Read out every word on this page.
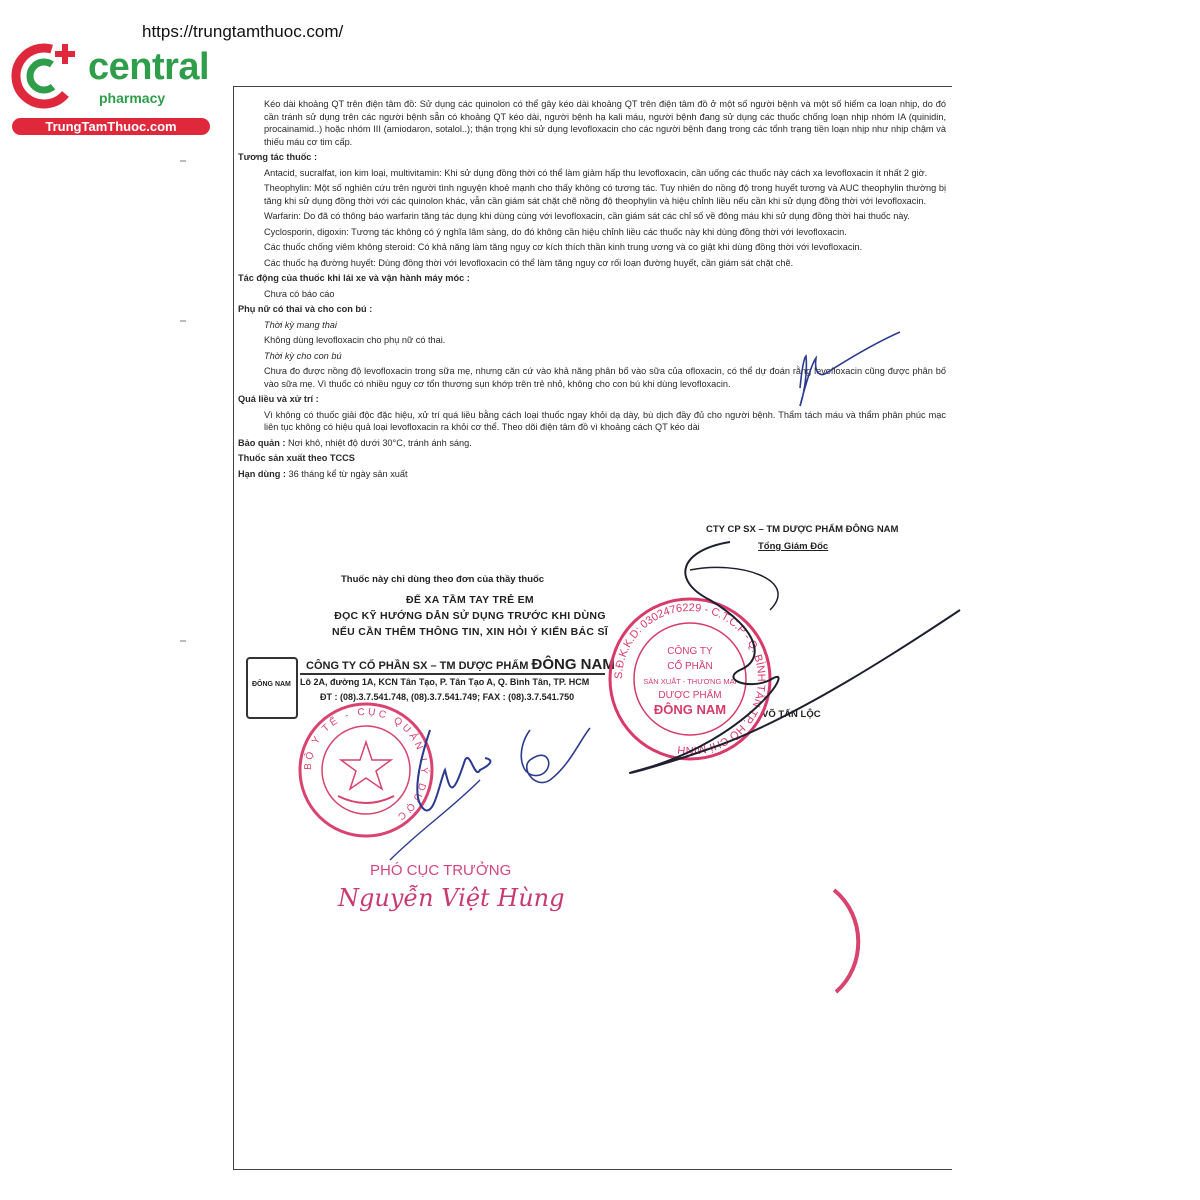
https://trungtamthuoc.com/
central
pharmacy
TrungTamThuoc.com

Kéo dài khoảng QT trên điện tâm đồ: Sử dụng các quinolon có thể gây kéo dài khoảng QT trên điện tâm đồ ở một số người bệnh và một số hiếm ca loạn nhịp, do đó cần tránh sử dụng trên các người bệnh sẵn có khoảng QT kéo dài, người bệnh hạ kali máu, người bệnh đang sử dụng các thuốc chống loạn nhịp nhóm IA (quinidin, procainamid..) hoặc nhóm III (amiodaron, sotalol..); thận trọng khi sử dụng levofloxacin cho các người bệnh đang trong các tổnh trạng tiền loạn nhịp như nhịp chậm và thiếu máu cơ tim cấp.

Tương tác thuốc :

Antacid, sucralfat, ion kim loại, multivitamin: Khi sử dụng đồng thời có thể làm giảm hấp thu levofloxacin, cần uống các thuốc này cách xa levofloxacin ít nhất 2 giờ.

Theophylin: Một số nghiên cứu trên người tình nguyện khoẻ mạnh cho thấy không có tương tác. Tuy nhiên do nồng độ trong huyết tương và AUC theophylin thường bị tăng khi sử dụng đồng thời với các quinolon khác, vẫn cần giám sát chặt chẽ nồng độ theophylin và hiệu chỉnh liều nếu cần khi sử dụng đồng thời với levofloxacin.

Warfarin: Do đã có thông báo warfarin tăng tác dụng khi dùng cùng với levofloxacin, cần giám sát các chỉ số về đông máu khi sử dụng đồng thời hai thuốc này.

Cyclosporin, digoxin: Tương tác không có ý nghĩa lâm sàng, do đó không cần hiệu chỉnh liều các thuốc này khi dùng đồng thời với levofloxacin.

Các thuốc chống viêm không steroid: Có khả năng làm tăng nguy cơ kích thích thần kinh trung ương và co giật khi dùng đồng thời với levofloxacin.

Các thuốc hạ đường huyết: Dùng đồng thời với levofloxacin có thể làm tăng nguy cơ rối loạn đường huyết, cần giám sát chặt chẽ.

Tác động của thuốc khi lái xe và vận hành máy móc :

Chưa có báo cáo

Phụ nữ có thai và cho con bú :

Thời kỳ mang thai

Không dùng levofloxacin cho phụ nữ có thai.

Thời kỳ cho con bú

Chưa đo được nồng độ levofloxacin trong sữa mẹ, nhưng căn cứ vào khả năng phân bố vào sữa của ofloxacin, có thể dự đoán rằng levofloxacin cũng được phân bố vào sữa mẹ. Vì thuốc có nhiều nguy cơ tổn thương sụn khớp trên trẻ nhỏ, không cho con bú khi dùng levofloxacin.

Quá liều và xử trí :

Vì không có thuốc giải độc đặc hiệu, xử trí quá liều bằng cách loại thuốc ngay khỏi dạ dày, bù dịch đầy đủ cho người bệnh. Thẩm tách máu và thẩm phân phúc mạc liên tục không có hiệu quả loại levofloxacin ra khỏi cơ thể. Theo dõi điện tâm đồ vì khoảng cách QT kéo dài

Bảo quản : Nơi khô, nhiệt độ dưới 30°C, tránh ánh sáng.

Thuốc sản xuất theo TCCS

Hạn dùng : 36 tháng kể từ ngày sản xuất

CTY CP SX – TM DƯỢC PHẨM ĐÔNG NAM
Tổng Giám Đốc
VÕ TẤN LỘC
Thuốc này chỉ dùng theo đơn của thầy thuốc
ĐỂ XA TẦM TAY TRẺ EM
ĐỌC KỸ HƯỚNG DẪN SỬ DỤNG TRƯỚC KHI DÙNG
NẾU CẦN THÊM THÔNG TIN, XIN HỎI Ý KIẾN BÁC SĨ
ĐÔNG NAM
CÔNG TY CỔ PHẦN SX – TM DƯỢC PHẨM ĐÔNG NAM
Lô 2A, đường 1A, KCN Tân Tạo, P. Tân Tạo A, Q. Bình Tân, TP. HCM
ĐT : (08).3.7.541.748, (08).3.7.541.749; FAX : (08).3.7.541.750
S.Đ.K.K.D: 0302476229 - C.T.C.P - Q. BÌNH TÂN TP. HỒ CHÍ MINH
CÔNG TY
CỔ PHẦN
SẢN XUẤT - THƯƠNG MẠI
DƯỢC PHẨM
ĐÔNG NAM
BỘ Y TẾ - CỤC QUẢN LÝ DƯỢC
PHÓ CỤC TRƯỞNG
Nguyễn Việt Hùng
